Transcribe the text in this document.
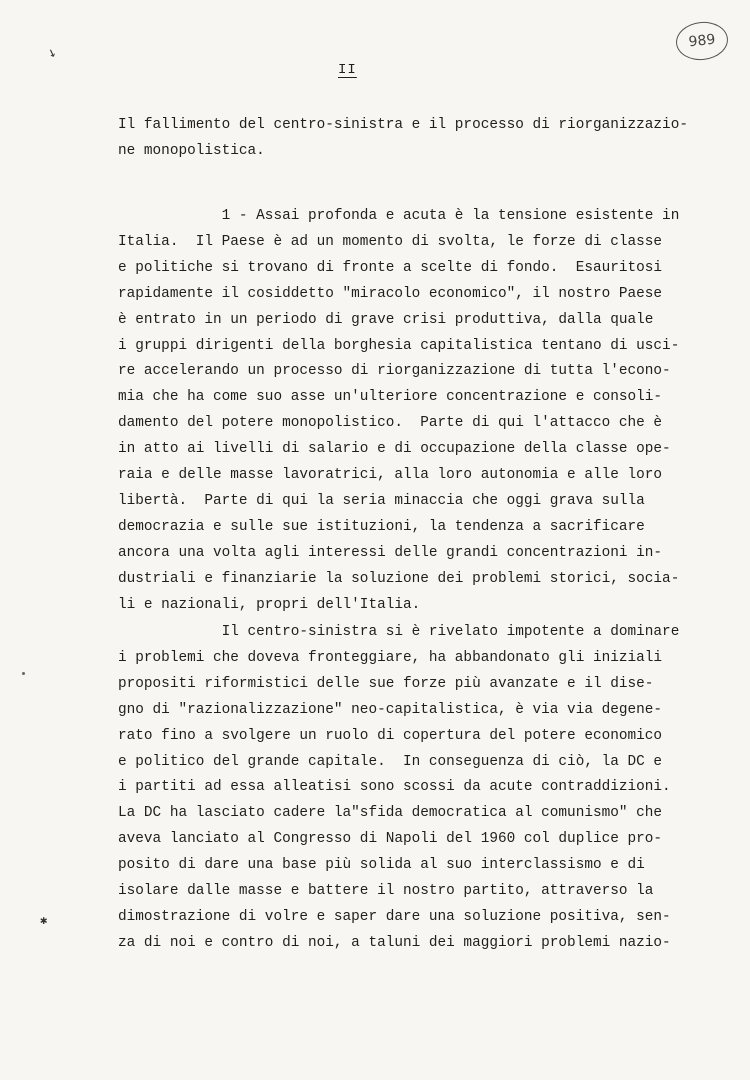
↘
✱
989
II

Il fallimento del centro-sinistra e il processo di riorganizzazio-
ne monopolistica.

1 - Assai profonda e acuta è la tensione esistente in
Italia.  Il Paese è ad un momento di svolta, le forze di classe
e politiche si trovano di fronte a scelte di fondo.  Esauritosi
rapidamente il cosiddetto "miracolo economico", il nostro Paese
è entrato in un periodo di grave crisi produttiva, dalla quale
i gruppi dirigenti della borghesia capitalistica tentano di usci-
re accelerando un processo di riorganizzazione di tutta l'econo-
mia che ha come suo asse un'ulteriore concentrazione e consoli-
damento del potere monopolistico.  Parte di qui l'attacco che è
in atto ai livelli di salario e di occupazione della classe ope-
raia e delle masse lavoratrici, alla loro autonomia e alle loro
libertà.  Parte di qui la seria minaccia che oggi grava sulla
democrazia e sulle sue istituzioni, la tendenza a sacrificare
ancora una volta agli interessi delle grandi concentrazioni in-
dustriali e finanziarie la soluzione dei problemi storici, socia-
li e nazionali, propri dell'Italia.

Il centro-sinistra si è rivelato impotente a dominare
i problemi che doveva fronteggiare, ha abbandonato gli iniziali
propositi riformistici delle sue forze più avanzate e il dise-
gno di "razionalizzazione" neo-capitalistica, è via via degene-
rato fino a svolgere un ruolo di copertura del potere economico
e politico del grande capitale.  In conseguenza di ciò, la DC e
i partiti ad essa alleatisi sono scossi da acute contraddizioni.
La DC ha lasciato cadere la"sfida democratica al comunismo" che
aveva lanciato al Congresso di Napoli del 1960 col duplice pro-
posito di dare una base più solida al suo interclassismo e di
isolare dalle masse e battere il nostro partito, attraverso la
dimostrazione di volre e saper dare una soluzione positiva, sen-
za di noi e contro di noi, a taluni dei maggiori problemi nazio-
